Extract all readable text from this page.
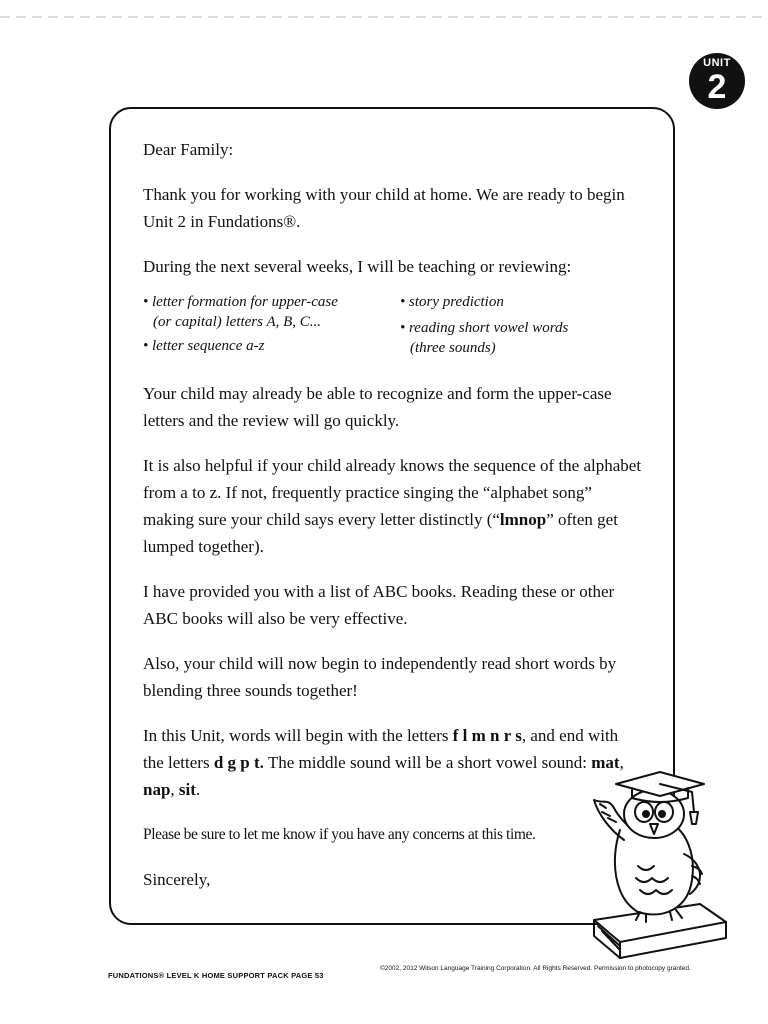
UNIT
2

Dear Family:

Thank you for working with your child at home. We are ready to begin Unit 2 in Fundations®.

During the next several weeks, I will be teaching or reviewing:

• letter formation for upper-case
(or capital) letters A, B, C...
• letter sequence a-z
• story prediction
• reading short vowel words
(three sounds)

Your child may already be able to recognize and form the upper-case letters and the review will go quickly.

It is also helpful if your child already knows the sequence of the alphabet from a to z. If not, frequently practice singing the “alphabet song” making sure your child says every letter distinctly (“lmnop” often get lumped together).

I have provided you with a list of ABC books. Reading these or other ABC books will also be very effective.

Also, your child will now begin to independently read short words by blending three sounds together!

In this Unit, words will begin with the letters f l m n r s, and end with the letters d g p t. The middle sound will be a short vowel sound: mat, nap, sit.

Please be sure to let me know if you have any concerns at this time.

Sincerely,

FUNDATIONS® LEVEL K HOME SUPPORT PACK PAGE 53
©2002, 2012 Wilson Language Training Corporation. All Rights Reserved. Permission to photocopy granted.
